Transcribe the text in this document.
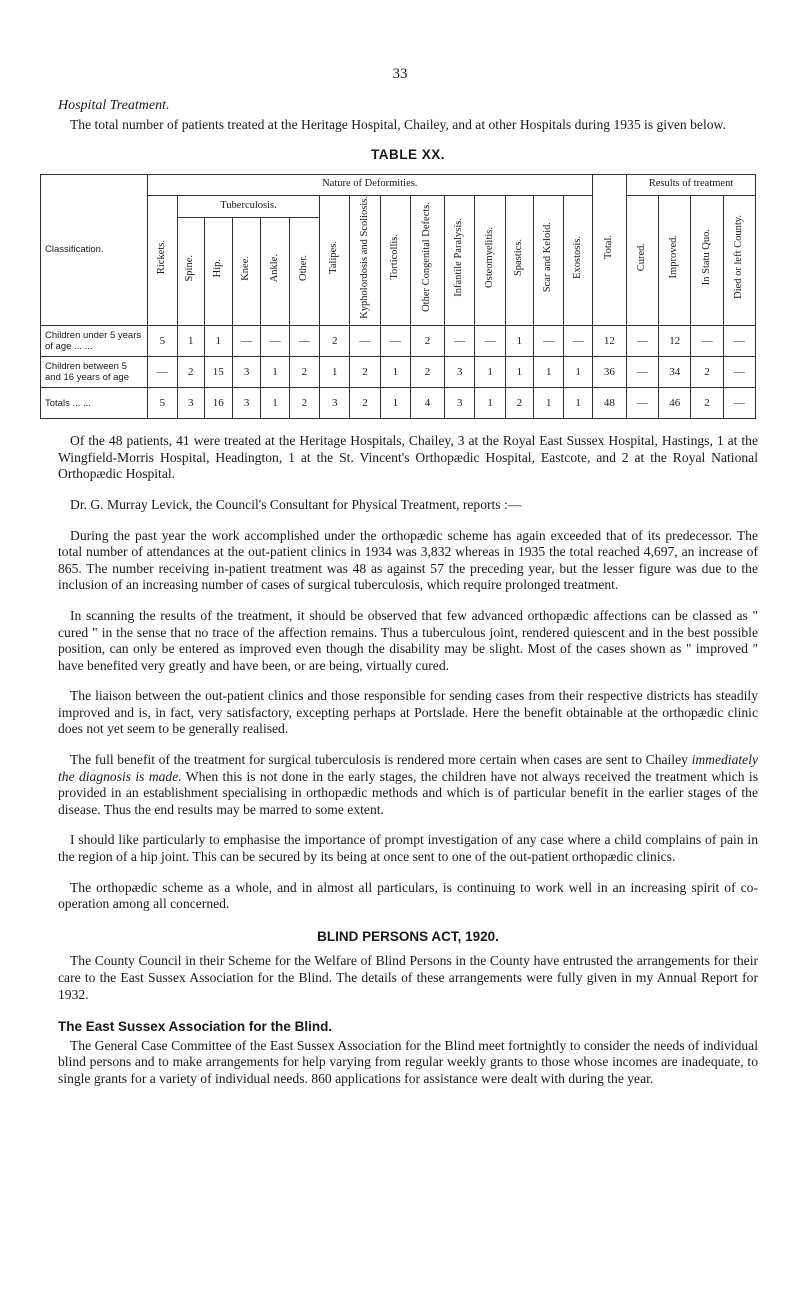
33
Hospital Treatment.

The total number of patients treated at the Heritage Hospital, Chailey, and at other Hospitals during 1935 is given below.

TABLE XX.
Classification.	Nature of Deformities.															Total.	Results of treatment			
	Rickets.	Tuberculosis.					Talipes.	Kypholordosis and Scoliosis.	Torticollis.	Other Congenital Defects.	Infantile Paralysis.	Osteomyelitis.	Spastics.	Scar and Keloid.	Exostosis.		Cured.	Improved.	In Statu Quo.	Died or left County.
		Spine.	Hip.	Knee.	Ankle.	Other.														
Children under 5 years of age ... ...	5	1	1	—	—	—	2	—	—	2	—	—	1	—	—	12	—	12	—	—
Children between 5 and 16 years of age	—	2	15	3	1	2	1	2	1	2	3	1	1	1	1	36	—	34	2	—
Totals ... ...	5	3	16	3	1	2	3	2	1	4	3	1	2	1	1	48	—	46	2	—

Of the 48 patients, 41 were treated at the Heritage Hospitals, Chailey, 3 at the Royal East Sussex Hospital, Hastings, 1 at the Wingfield-Morris Hospital, Headington, 1 at the St. Vincent's Orthopædic Hospital, Eastcote, and 2 at the Royal National Orthopædic Hospital.

Dr. G. Murray Levick, the Council's Consultant for Physical Treatment, reports :—

During the past year the work accomplished under the orthopædic scheme has again exceeded that of its predecessor. The total number of attendances at the out-patient clinics in 1934 was 3,832 whereas in 1935 the total reached 4,697, an increase of 865. The number receiving in-patient treatment was 48 as against 57 the preceding year, but the lesser figure was due to the inclusion of an increasing number of cases of surgical tuberculosis, which require prolonged treatment.

In scanning the results of the treatment, it should be observed that few advanced orthopædic affections can be classed as " cured " in the sense that no trace of the affection remains. Thus a tuberculous joint, rendered quiescent and in the best possible position, can only be entered as improved even though the disability may be slight. Most of the cases shown as " improved " have benefited very greatly and have been, or are being, virtually cured.

The liaison between the out-patient clinics and those responsible for sending cases from their respective districts has steadily improved and is, in fact, very satisfactory, excepting perhaps at Portslade. Here the benefit obtainable at the orthopædic clinic does not yet seem to be generally realised.

The full benefit of the treatment for surgical tuberculosis is rendered more certain when cases are sent to Chailey immediately the diagnosis is made. When this is not done in the early stages, the children have not always received the treatment which is provided in an establishment specialising in orthopædic methods and which is of particular benefit in the earlier stages of the disease. Thus the end results may be marred to some extent.

I should like particularly to emphasise the importance of prompt investigation of any case where a child complains of pain in the region of a hip joint. This can be secured by its being at once sent to one of the out-patient orthopædic clinics.

The orthopædic scheme as a whole, and in almost all particulars, is continuing to work well in an increasing spirit of co-operation among all concerned.

BLIND PERSONS ACT, 1920.

The County Council in their Scheme for the Welfare of Blind Persons in the County have entrusted the arrangements for their care to the East Sussex Association for the Blind. The details of these arrangements were fully given in my Annual Report for 1932.

The East Sussex Association for the Blind.

The General Case Committee of the East Sussex Association for the Blind meet fortnightly to consider the needs of individual blind persons and to make arrangements for help varying from regular weekly grants to those whose incomes are inadequate, to single grants for a variety of individual needs. 860 applications for assistance were dealt with during the year.
